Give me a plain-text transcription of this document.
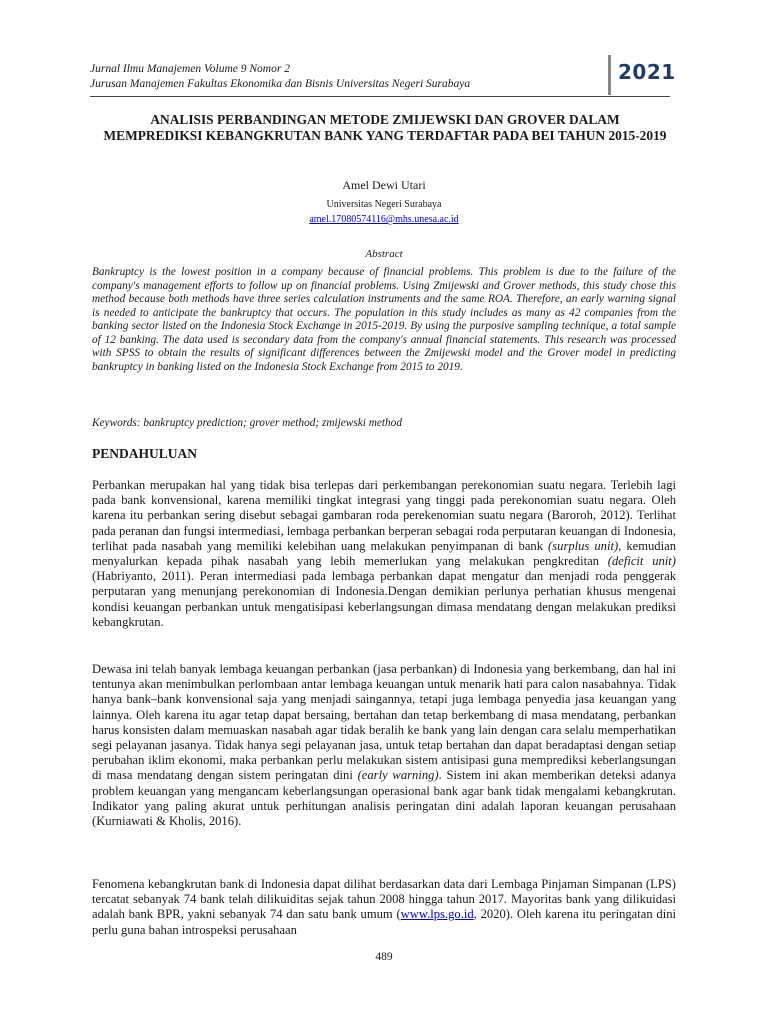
Jurnal Ilmu Manajemen Volume 9 Nomor 2
Jurusan Manajemen Fakultas Ekonomika dan Bisnis Universitas Negeri Surabaya	2021
ANALISIS PERBANDINGAN METODE ZMIJEWSKI DAN GROVER DALAM MEMPREDIKSI KEBANGKRUTAN BANK YANG TERDAFTAR PADA BEI TAHUN 2015-2019
Amel Dewi Utari
Universitas Negeri Surabaya
amel.17080574116@mhs.unesa.ac.id
Abstract
Bankruptcy is the lowest position in a company because of financial problems. This problem is due to the failure of the company's management efforts to follow up on financial problems. Using Zmijewski and Grover methods, this study chose this method because both methods have three series calculation instruments and the same ROA. Therefore, an early warning signal is needed to anticipate the bankruptcy that occurs. The population in this study includes as many as 42 companies from the banking sector listed on the Indonesia Stock Exchange in 2015-2019. By using the purposive sampling technique, a total sample of 12 banking. The data used is secondary data from the company's annual financial statements. This research was processed with SPSS to obtain the results of significant differences between the Zmijewski model and the Grover model in predicting bankruptcy in banking listed on the Indonesia Stock Exchange from 2015 to 2019.
Keywords: bankruptcy prediction; grover method; zmijewski method
PENDAHULUAN
Perbankan merupakan hal yang tidak bisa terlepas dari perkembangan perekonomian suatu negara. Terlebih lagi pada bank konvensional, karena memiliki tingkat integrasi yang tinggi pada perekonomian suatu negara. Oleh karena itu perbankan sering disebut sebagai gambaran roda perekenomian suatu negara (Baroroh, 2012). Terlihat pada peranan dan fungsi intermediasi, lembaga perbankan berperan sebagai roda perputaran keuangan di Indonesia, terlihat pada nasabah yang memiliki kelebihan uang melakukan penyimpanan di bank (surplus unit), kemudian menyalurkan kepada pihak nasabah yang lebih memerlukan yang melakukan pengkreditan (deficit unit) (Habriyanto, 2011). Peran intermediasi pada lembaga perbankan dapat mengatur dan menjadi roda penggerak perputaran yang menunjang perekonomian di Indonesia.Dengan demikian perlunya perhatian khusus mengenai kondisi keuangan perbankan untuk mengatisipasi keberlangsungan dimasa mendatang dengan melakukan prediksi kebangkrutan.
Dewasa ini telah banyak lembaga keuangan perbankan (jasa perbankan) di Indonesia yang berkembang, dan hal ini tentunya akan menimbulkan perlombaan antar lembaga keuangan untuk menarik hati para calon nasabahnya. Tidak hanya bank–bank konvensional saja yang menjadi saingannya, tetapi juga lembaga penyedia jasa keuangan yang lainnya. Oleh karena itu agar tetap dapat bersaing, bertahan dan tetap berkembang di masa mendatang, perbankan harus konsisten dalam memuaskan nasabah agar tidak beralih ke bank yang lain dengan cara selalu memperhatikan segi pelayanan jasanya. Tidak hanya segi pelayanan jasa, untuk tetap bertahan dan dapat beradaptasi dengan setiap perubahan iklim ekonomi, maka perbankan perlu melakukan sistem antisipasi guna memprediksi keberlangsungan di masa mendatang dengan sistem peringatan dini (early warning). Sistem ini akan memberikan deteksi adanya problem keuangan yang mengancam keberlangsungan operasional bank agar bank tidak mengalami kebangkrutan. Indikator yang paling akurat untuk perhitungan analisis peringatan dini adalah laporan keuangan perusahaan (Kurniawati & Kholis, 2016).
Fenomena kebangkrutan bank di Indonesia dapat dilihat berdasarkan data dari Lembaga Pinjaman Simpanan (LPS) tercatat sebanyak 74 bank telah dilikuiditas sejak tahun 2008 hingga tahun 2017. Mayoritas bank yang dilikuidasi adalah bank BPR, yakni sebanyak 74 dan satu bank umum (www.lps.go.id, 2020). Oleh karena itu peringatan dini perlu guna bahan introspeksi perusahaan
489
